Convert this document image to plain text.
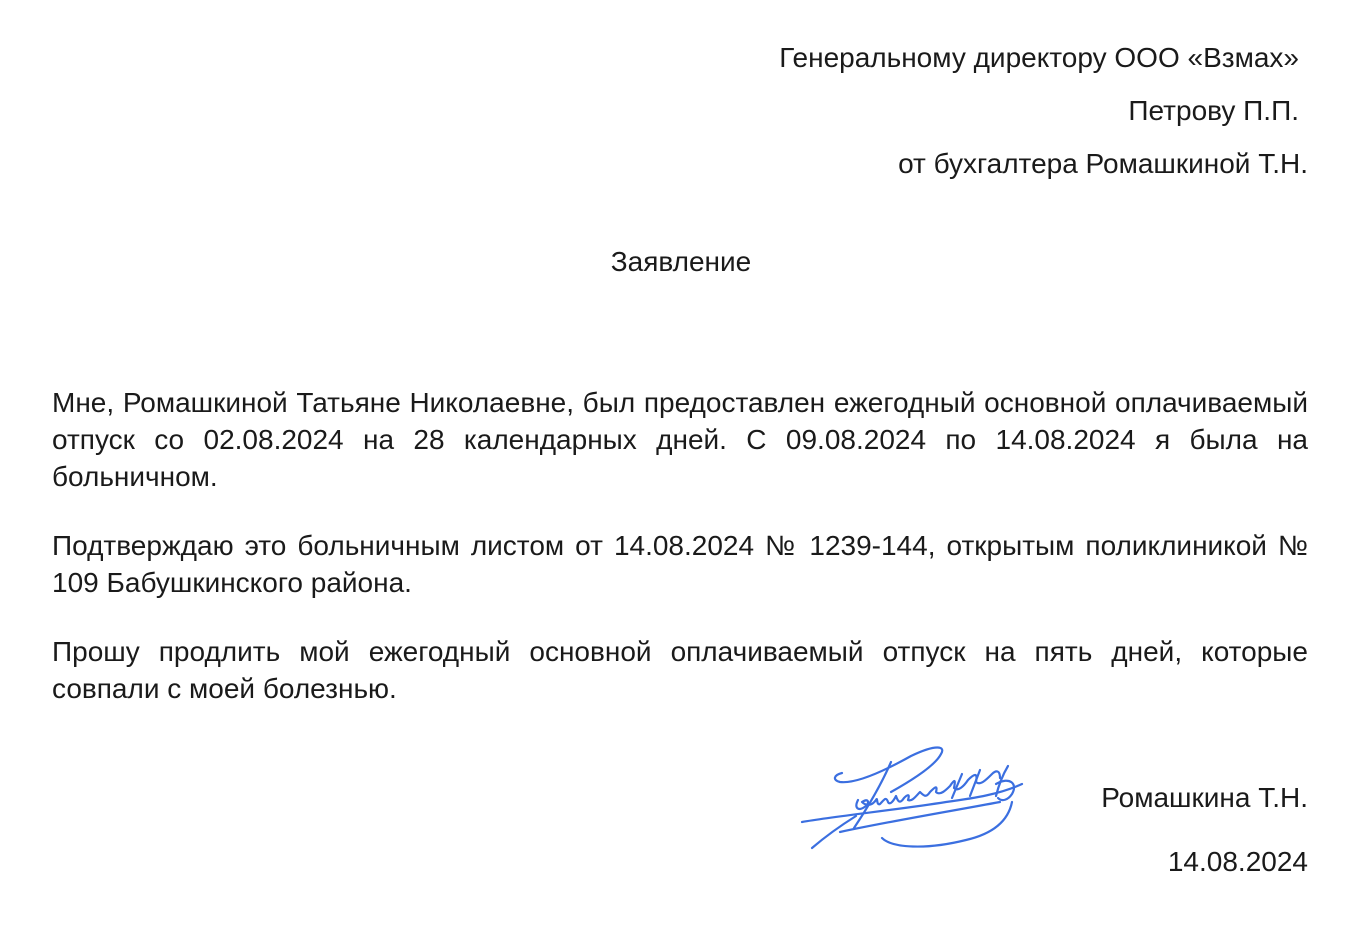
Генеральному директору ООО «Взмах»
Петрову П.П.
от бухгалтера Ромашкиной Т.Н.
Заявление

Мне, Ромашкиной Татьяне Николаевне, был предоставлен ежегодный основной оплачиваемый отпуск со 02.08.2024 на 28 календарных дней. С 09.08.2024 по 14.08.2024 я была на больничном.

Подтверждаю это больничным листом от 14.08.2024 № 1239-144, открытым поликлиникой № 109 Бабушкинского района.

Прошу продлить мой ежегодный основной оплачиваемый отпуск на пять дней, которые совпали с моей болезнью.

Ромашкина Т.Н.
14.08.2024
